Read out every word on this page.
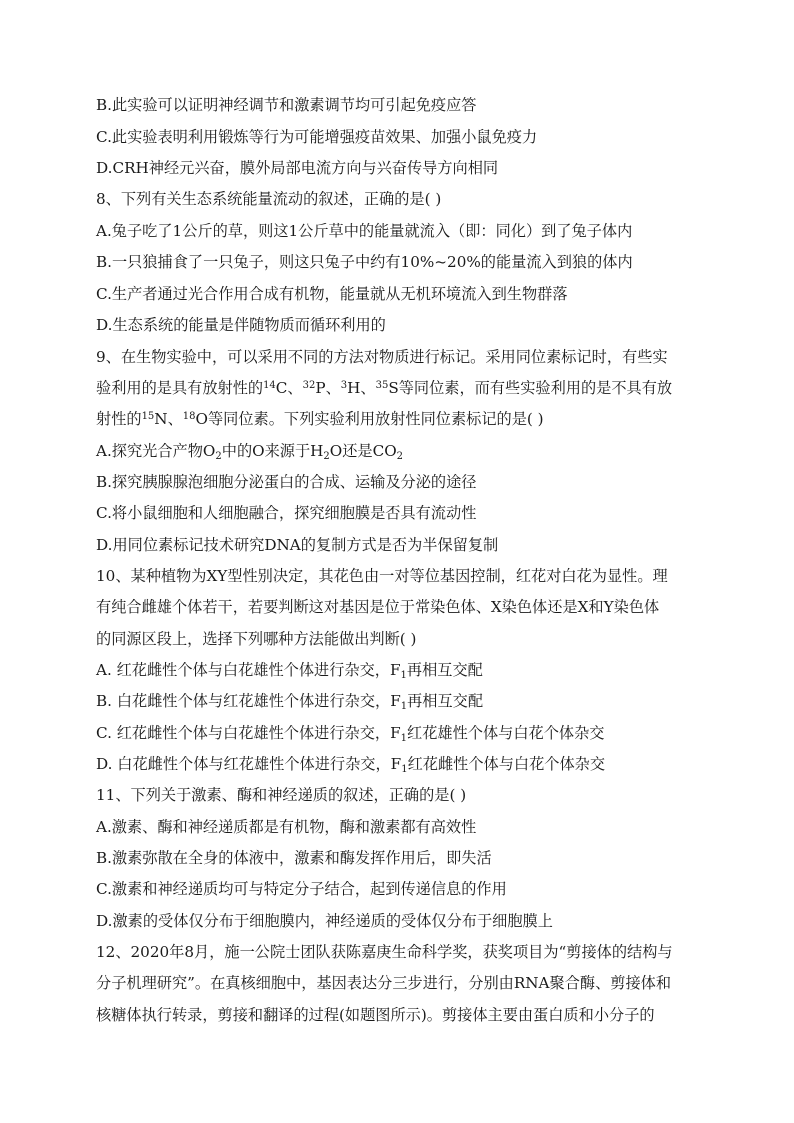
B.此实验可以证明神经调节和激素调节均可引起免疫应答
C.此实验表明利用锻炼等行为可能增强疫苗效果、加强小鼠免疫力
D.CRH神经元兴奋，膜外局部电流方向与兴奋传导方向相同
8、下列有关生态系统能量流动的叙述，正确的是( )
A.兔子吃了1公斤的草，则这1公斤草中的能量就流入（即：同化）到了兔子体内
B.一只狼捕食了一只兔子，则这只兔子中约有10%~20%的能量流入到狼的体内
C.生产者通过光合作用合成有机物，能量就从无机环境流入到生物群落
D.生态系统的能量是伴随物质而循环利用的
9、在生物实验中，可以采用不同的方法对物质进行标记。采用同位素标记时，有些实
验利用的是具有放射性的$^{14}$C、$^{32}$P、$^3$H、$^{35}$S等同位素，而有些实验利用的是不具有放
射性的$^{15}$N、$^{18}$O等同位素。下列实验利用放射性同位素标记的是( )
A.探究光合产物$O_2$中的O来源于$H_2O$还是$CO_2$
B.探究胰腺腺泡细胞分泌蛋白的合成、运输及分泌的途径
C.将小鼠细胞和人细胞融合，探究细胞膜是否具有流动性
D.用同位素标记技术研究DNA的复制方式是否为半保留复制
10、某种植物为XY型性别决定，其花色由一对等位基因控制，红花对白花为显性。理
有纯合雌雄个体若干，若要判断这对基因是位于常染色体、X染色体还是X和Y染色体
的同源区段上，选择下列哪种方法能做出判断( )
A. 红花雌性个体与白花雄性个体进行杂交，$F_1$再相互交配
B. 白花雌性个体与红花雄性个体进行杂交，$F_1$再相互交配
C. 红花雌性个体与白花雄性个体进行杂交，$F_1$红花雄性个体与白花个体杂交
D. 白花雌性个体与红花雄性个体进行杂交，$F_1$红花雌性个体与白花个体杂交
11、下列关于激素、酶和神经递质的叙述，正确的是( )
A.激素、酶和神经递质都是有机物，酶和激素都有高效性
B.激素弥散在全身的体液中，激素和酶发挥作用后，即失活
C.激素和神经递质均可与特定分子结合，起到传递信息的作用
D.激素的受体仅分布于细胞膜内，神经递质的受体仅分布于细胞膜上
12、2020年8月，施一公院士团队获陈嘉庚生命科学奖，获奖项目为“剪接体的结构与
分子机理研究”。在真核细胞中，基因表达分三步进行，分别由RNA聚合酶、剪接体和
核糖体执行转录，剪接和翻译的过程(如题图所示)。剪接体主要由蛋白质和小分子的
